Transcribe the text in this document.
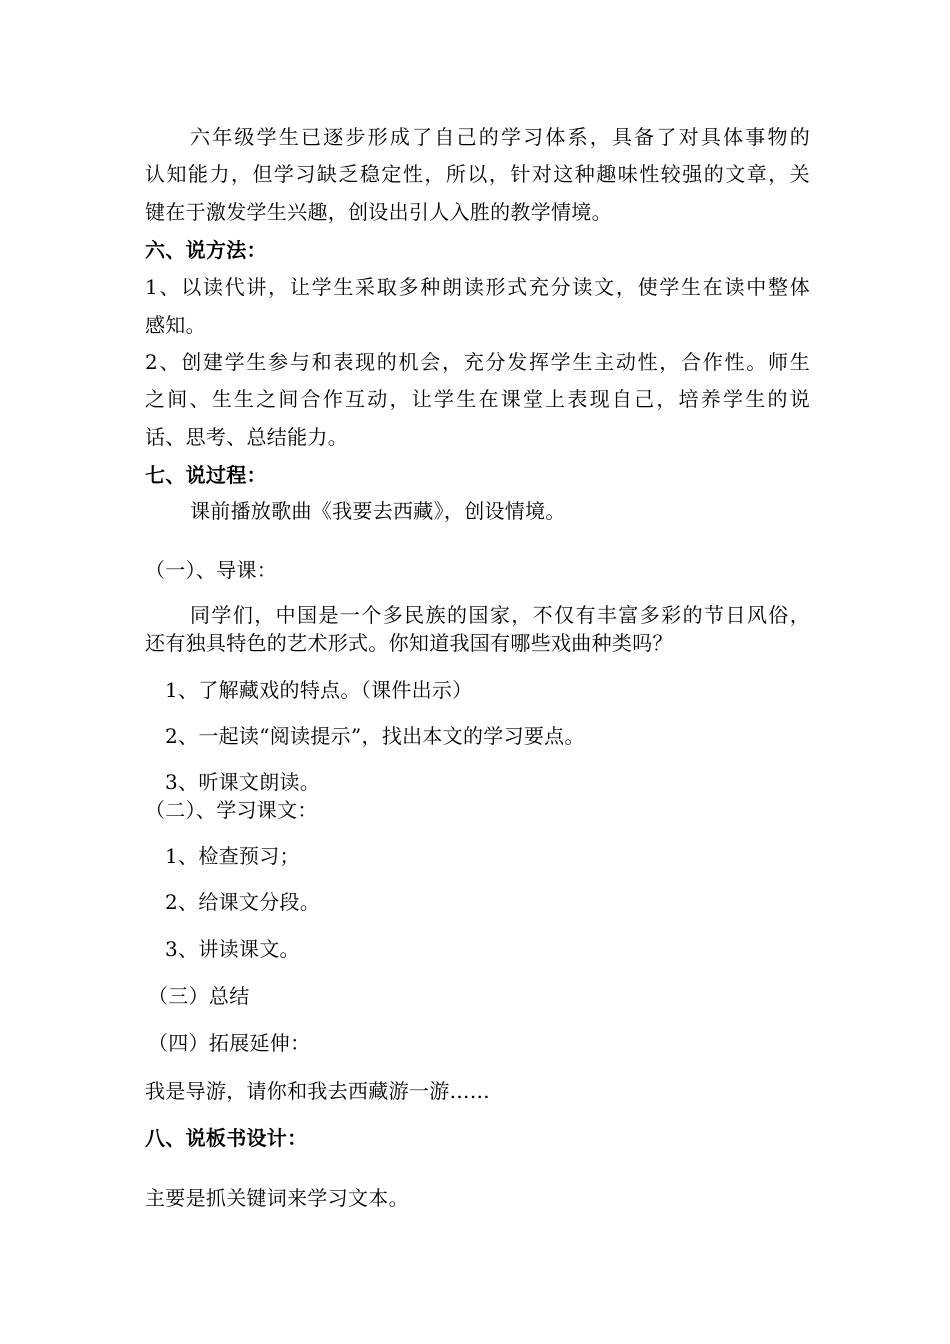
六年级学生已逐步形成了自己的学习体系，具备了对具体事物的
认知能力，但学习缺乏稳定性，所以，针对这种趣味性较强的文章，关
键在于激发学生兴趣，创设出引人入胜的教学情境。
六、说方法：
1、以读代讲，让学生采取多种朗读形式充分读文，使学生在读中整体
感知。
2、创建学生参与和表现的机会，充分发挥学生主动性，合作性。师生
之间、生生之间合作互动，让学生在课堂上表现自己，培养学生的说
话、思考、总结能力。
七、说过程：
课前播放歌曲《我要去西藏》，创设情境。
（一）、导课：
同学们，中国是一个多民族的国家，不仅有丰富多彩的节日风俗，
还有独具特色的艺术形式。你知道我国有哪些戏曲种类吗？
1、了解藏戏的特点。（课件出示）
2、一起读“阅读提示”，找出本文的学习要点。
3、听课文朗读。
（二）、学习课文：
1、检查预习；
2、给课文分段。
3、讲读课文。
（三）总结
（四）拓展延伸：
我是导游，请你和我去西藏游一游……
八、说板书设计：
主要是抓关键词来学习文本。
